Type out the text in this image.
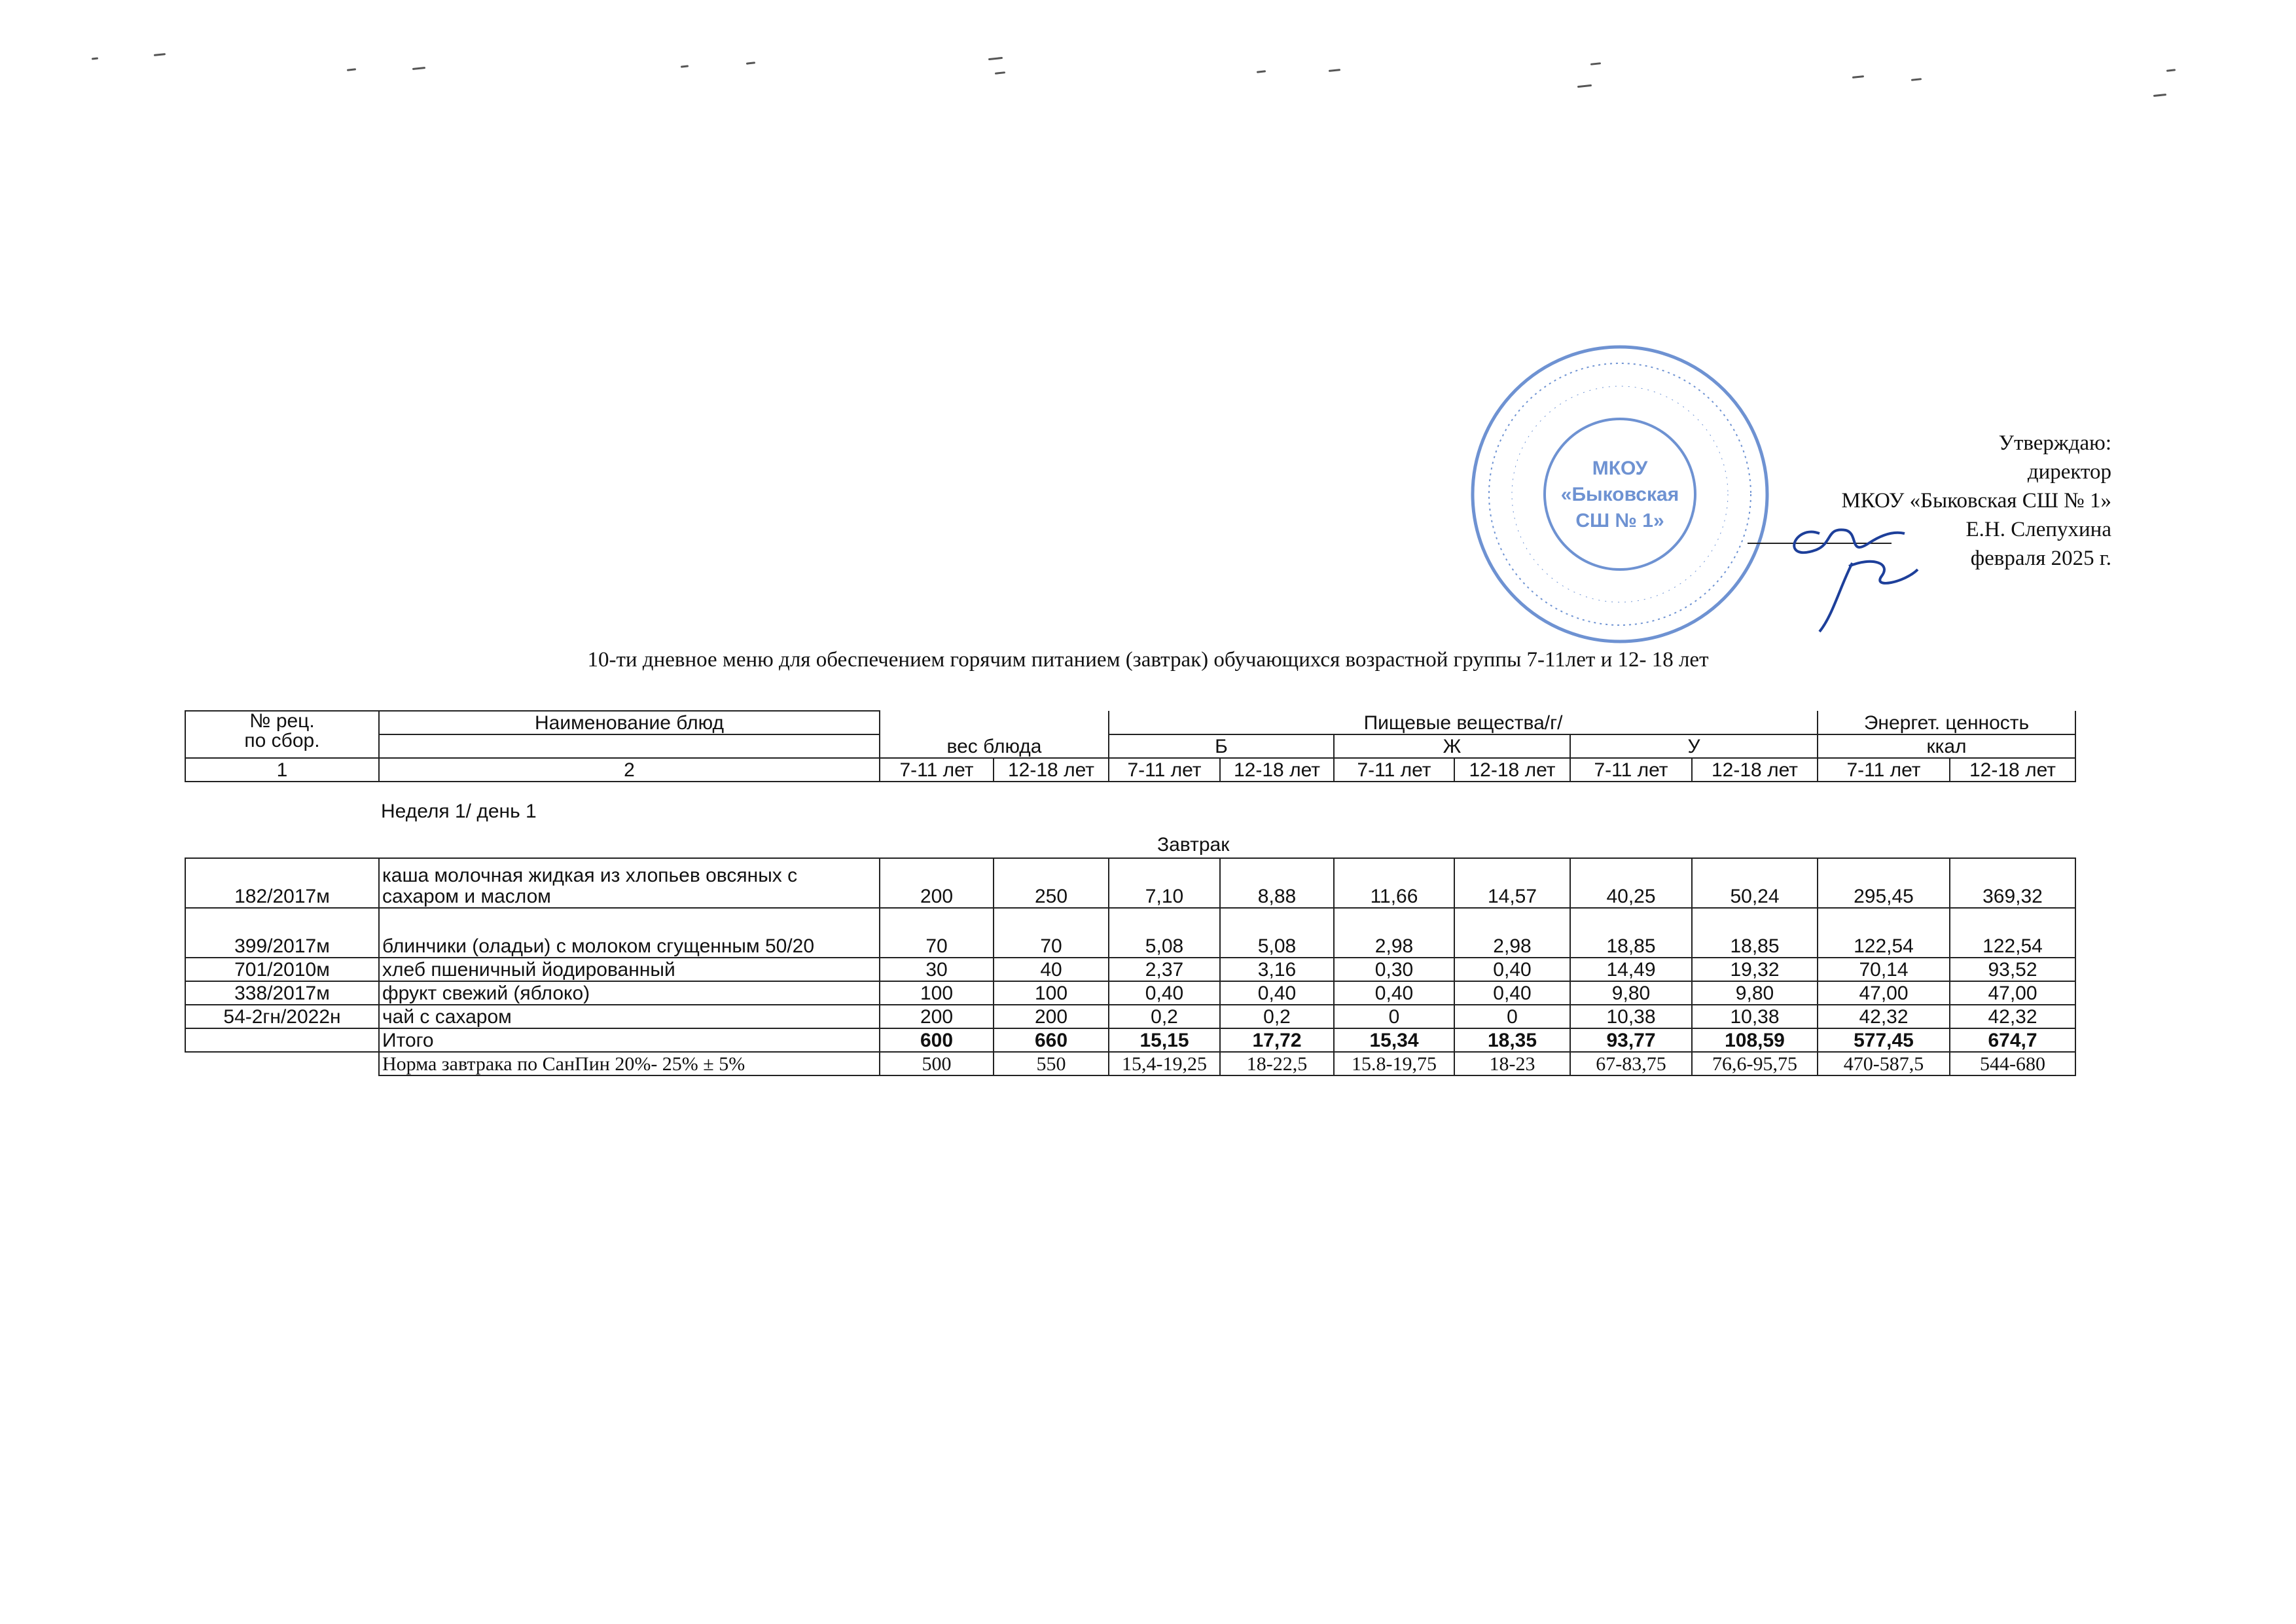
МКОУ
«Быковская
СШ № 1»
Утверждаю:
директор
МКОУ «Быковская СШ № 1»
Е.Н. Слепухина
февраля 2025 г.
10-ти дневное меню для обеспечением горячим питанием (завтрак) обучающихся возрастной группы 7-11лет и 12- 18 лет
№ рец.
по сбор.	Наименование блюд	вес блюда		Пищевые вещества/г/						Энергет. ценность	
				Б		Ж		У		ккал	
1	2	7-11 лет	12-18 лет	7-11 лет	12-18 лет	7-11 лет	12-18 лет	7-11 лет	12-18 лет	7-11 лет	12-18 лет
Неделя 1/ день 1
Завтрак
182/2017м	каша молочная жидкая из хлопьев овсяных с сахаром и маслом	200	250	7,10	8,88	11,66	14,57	40,25	50,24	295,45	369,32
399/2017м	блинчики (оладьи) с молоком сгущенным 50/20	70	70	5,08	5,08	2,98	2,98	18,85	18,85	122,54	122,54
701/2010м	хлеб пшеничный йодированный	30	40	2,37	3,16	0,30	0,40	14,49	19,32	70,14	93,52
338/2017м	фрукт свежий (яблоко)	100	100	0,40	0,40	0,40	0,40	9,80	9,80	47,00	47,00
54-2гн/2022н	чай с сахаром	200	200	0,2	0,2	0	0	10,38	10,38	42,32	42,32
	Итого	600	660	15,15	17,72	15,34	18,35	93,77	108,59	577,45	674,7
	Норма завтрака по СанПин 20%- 25% ± 5%	500	550	15,4-19,25	18-22,5	15.8-19,75	18-23	67-83,75	76,6-95,75	470-587,5	544-680
